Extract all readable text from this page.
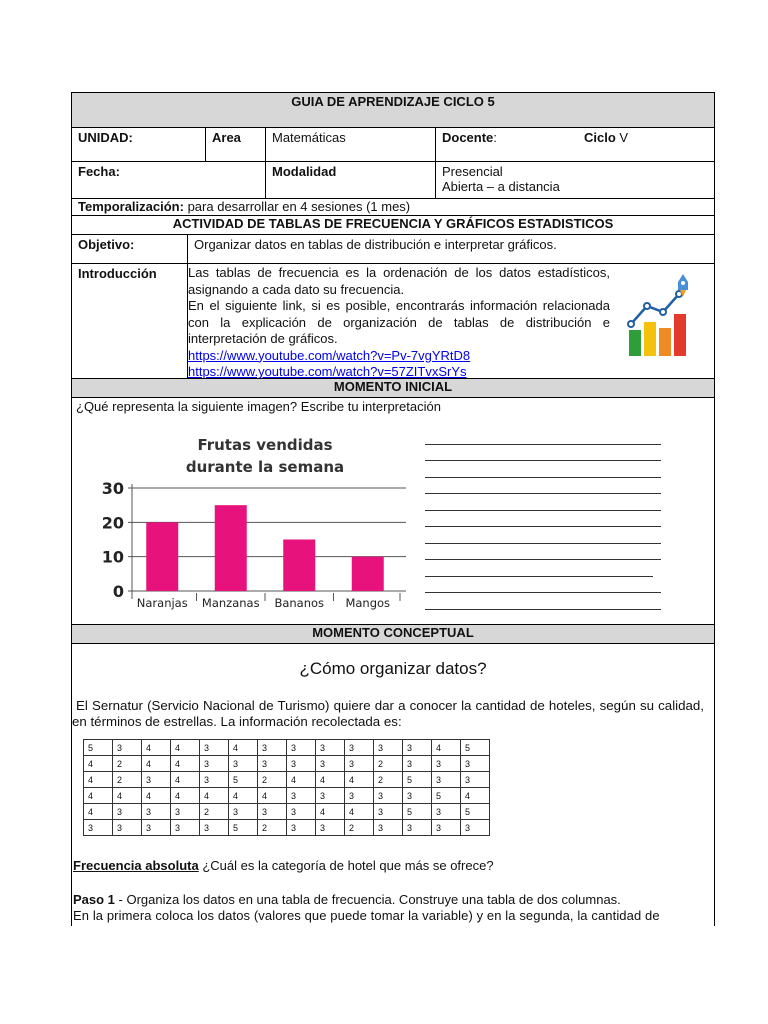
GUIA DE APRENDIZAJE CICLO 5
UNIDAD:	Area	Matemáticas	Docente:	Ciclo V
Fecha:	Modalidad	Presencial
Abierta – a distancia
Temporalización: para desarrollar en 4 sesiones (1 mes)
ACTIVIDAD DE TABLAS DE FRECUENCIA Y GRÁFICOS ESTADISTICOS
Objetivo:	Organizar datos en tablas de distribución e interpretar gráficos.
Introducción	Las tablas de frecuencia es la ordenación de los datos estadísticos, asignando a cada dato su frecuencia.
En el siguiente link, si es posible, encontrarás información relacionada con la explicación de organización de tablas de distribución e interpretación de gráficos.
https://www.youtube.com/watch?v=Pv-7vgYRtD8
https://www.youtube.com/watch?v=57ZITvxSrYs
MOMENTO INICIAL
¿Qué representa la siguiente imagen? Escribe tu interpretación
Frutas vendidas
durante la semana
0
10
20
30
Naranjas Manzanas Bananos Mangos
MOMENTO CONCEPTUAL
¿Cómo organizar datos?
El Sernatur (Servicio Nacional de Turismo) quiere dar a conocer la cantidad de hoteles, según su calidad, en términos de estrellas. La información recolectada es:
5	3	4	4	3	4	3	3	3	3	3	3	4	5
4	2	4	4	3	3	3	3	3	3	2	3	3	3
4	2	3	4	3	5	2	4	4	4	2	5	3	3
4	4	4	4	4	4	4	3	3	3	3	3	5	4
4	3	3	3	2	3	3	3	4	4	3	5	3	5
3	3	3	3	3	5	2	3	3	2	3	3	3	3
Frecuencia absoluta ¿Cuál es la categoría de hotel que más se ofrece?
Paso 1 - Organiza los datos en una tabla de frecuencia. Construye una tabla de dos columnas.
En la primera coloca los datos (valores que puede tomar la variable) y en la segunda, la cantidad de
